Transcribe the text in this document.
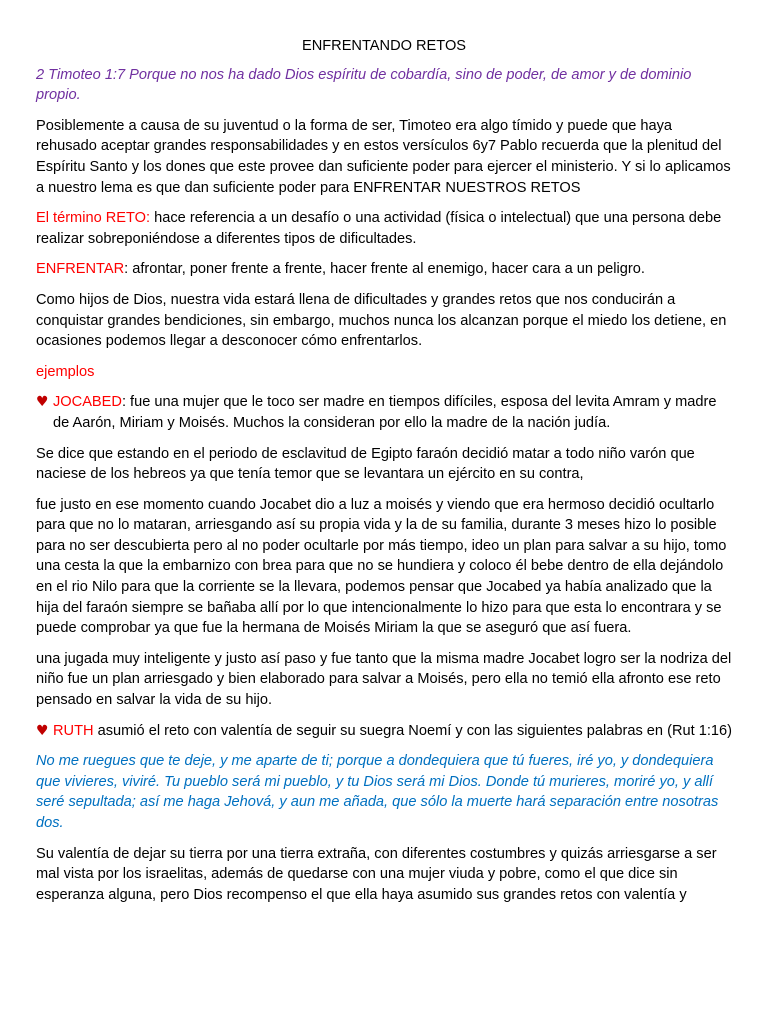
ENFRENTANDO RETOS

2 Timoteo 1:7 Porque no nos ha dado Dios espíritu de cobardía, sino de poder, de amor y de dominio propio.

Posiblemente a causa de su juventud o la forma de ser, Timoteo era algo tímido y puede que haya rehusado aceptar grandes responsabilidades y en estos versículos 6y7 Pablo recuerda que la plenitud del Espíritu Santo y los dones que este provee dan suficiente poder para ejercer el ministerio. Y si lo aplicamos a nuestro lema es que dan suficiente poder para ENFRENTAR NUESTROS RETOS

El término RETO: hace referencia a un desafío o una actividad (física o intelectual) que una persona debe realizar sobreponiéndose a diferentes tipos de dificultades.

ENFRENTAR: afrontar, poner frente a frente, hacer frente al enemigo, hacer cara a un peligro.

Como hijos de Dios, nuestra vida estará llena de dificultades y grandes retos que nos conducirán a conquistar grandes bendiciones, sin embargo, muchos nunca los alcanzan porque el miedo los detiene, en ocasiones podemos llegar a desconocer cómo enfrentarlos.

ejemplos

♥ JOCABED: fue una mujer que le toco ser madre en tiempos difíciles, esposa del levita Amram y madre de Aarón, Miriam y Moisés. Muchos la consideran por ello la madre de la nación judía.

Se dice que estando en el periodo de esclavitud de Egipto faraón decidió matar a todo niño varón que naciese de los hebreos ya que tenía temor que se levantara un ejército en su contra,

fue justo en ese momento cuando Jocabet dio a luz a moisés y viendo que era hermoso decidió ocultarlo para que no lo mataran, arriesgando así su propia vida y la de su familia, durante 3 meses hizo lo posible para no ser descubierta pero al no poder ocultarle por más tiempo, ideo un plan para salvar a su hijo, tomo una cesta la que la embarnizo con brea para que no se hundiera y coloco él bebe dentro de ella dejándolo en el rio Nilo para que la corriente se la llevara, podemos pensar que Jocabed ya había analizado que la hija del faraón siempre se bañaba allí por lo que intencionalmente lo hizo para que esta lo encontrara y se puede comprobar ya que fue la hermana de Moisés Miriam la que se aseguró que así fuera.

una jugada muy inteligente y justo así paso y fue tanto que la misma madre Jocabet logro ser la nodriza del niño fue un plan arriesgado y bien elaborado para salvar a Moisés, pero ella no temió ella afronto ese reto pensado en salvar la vida de su hijo.

♥ RUTH asumió el reto con valentía de seguir su suegra Noemí y con las siguientes palabras en (Rut 1:16)

No me ruegues que te deje, y me aparte de ti; porque a dondequiera que tú fueres, iré yo, y dondequiera que vivieres, viviré. Tu pueblo será mi pueblo, y tu Dios será mi Dios. Donde tú murieres, moriré yo, y allí seré sepultada; así me haga Jehová, y aun me añada, que sólo la muerte hará separación entre nosotras dos.

Su valentía de dejar su tierra por una tierra extraña, con diferentes costumbres y quizás arriesgarse a ser mal vista por los israelitas, además de quedarse con una mujer viuda y pobre, como el que dice sin esperanza alguna, pero Dios recompenso el que ella haya asumido sus grandes retos con valentía y
